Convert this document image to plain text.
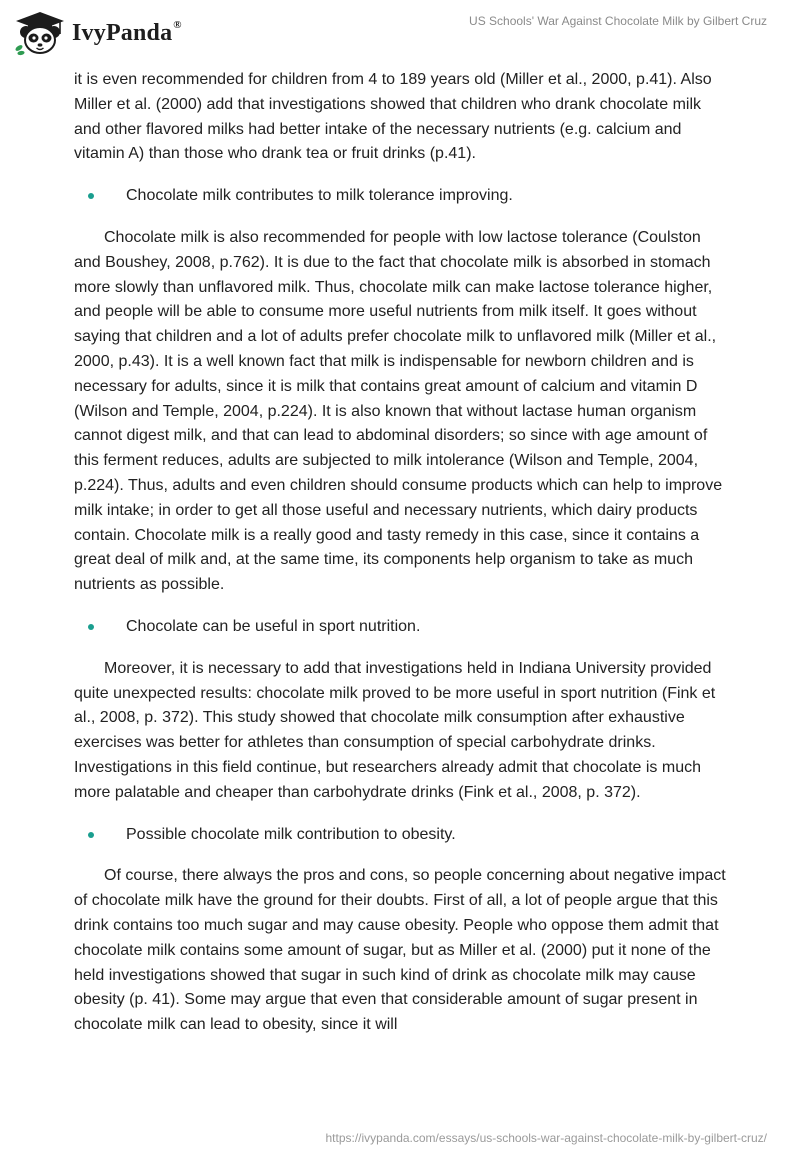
IvyPanda®	US Schools' War Against Chocolate Milk by Gilbert Cruz

it is even recommended for children from 4 to 189 years old (Miller et al., 2000, p.41). Also Miller et al. (2000) add that investigations showed that children who drank chocolate milk and other flavored milks had better intake of the necessary nutrients (e.g. calcium and vitamin A) than those who drank tea or fruit drinks (p.41).

Chocolate milk contributes to milk tolerance improving.

Chocolate milk is also recommended for people with low lactose tolerance (Coulston and Boushey, 2008, p.762). It is due to the fact that chocolate milk is absorbed in stomach more slowly than unflavored milk. Thus, chocolate milk can make lactose tolerance higher, and people will be able to consume more useful nutrients from milk itself. It goes without saying that children and a lot of adults prefer chocolate milk to unflavored milk (Miller et al., 2000, p.43). It is a well known fact that milk is indispensable for newborn children and is necessary for adults, since it is milk that contains great amount of calcium and vitamin D (Wilson and Temple, 2004, p.224). It is also known that without lactase human organism cannot digest milk, and that can lead to abdominal disorders; so since with age amount of this ferment reduces, adults are subjected to milk intolerance (Wilson and Temple, 2004, p.224). Thus, adults and even children should consume products which can help to improve milk intake; in order to get all those useful and necessary nutrients, which dairy products contain. Chocolate milk is a really good and tasty remedy in this case, since it contains a great deal of milk and, at the same time, its components help organism to take as much nutrients as possible.

Chocolate can be useful in sport nutrition.

Moreover, it is necessary to add that investigations held in Indiana University provided quite unexpected results: chocolate milk proved to be more useful in sport nutrition (Fink et al., 2008, p. 372). This study showed that chocolate milk consumption after exhaustive exercises was better for athletes than consumption of special carbohydrate drinks. Investigations in this field continue, but researchers already admit that chocolate is much more palatable and cheaper than carbohydrate drinks (Fink et al., 2008, p. 372).

Possible chocolate milk contribution to obesity.

Of course, there always the pros and cons, so people concerning about negative impact of chocolate milk have the ground for their doubts. First of all, a lot of people argue that this drink contains too much sugar and may cause obesity. People who oppose them admit that chocolate milk contains some amount of sugar, but as Miller et al. (2000) put it none of the held investigations showed that sugar in such kind of drink as chocolate milk may cause obesity (p. 41). Some may argue that even that considerable amount of sugar present in chocolate milk can lead to obesity, since it will

https://ivypanda.com/essays/us-schools-war-against-chocolate-milk-by-gilbert-cruz/
